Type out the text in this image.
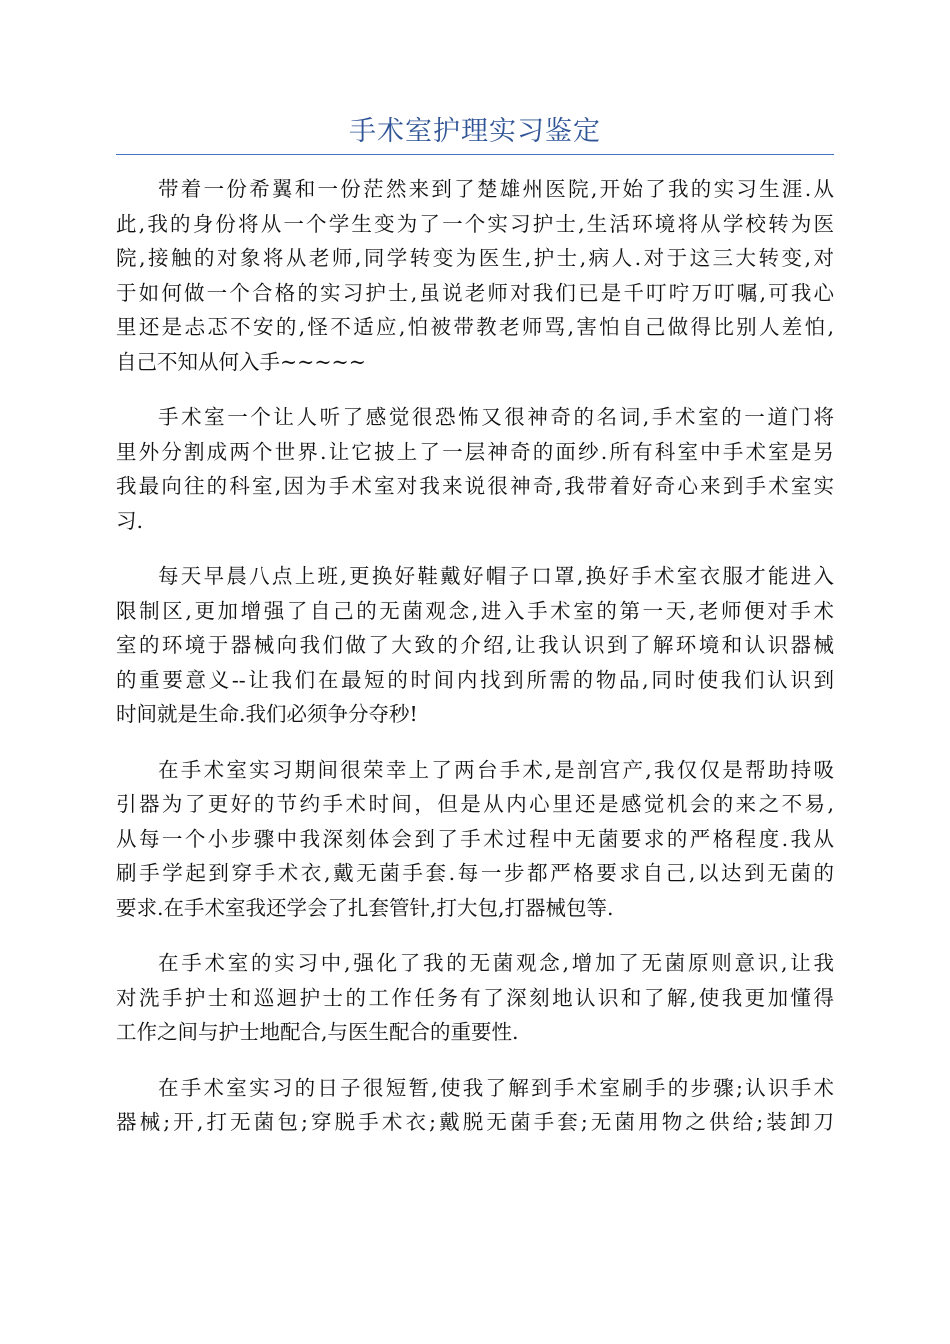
手术室护理实习鉴定
带着一份希翼和一份茫然来到了楚雄州医院,开始了我的实习生涯.从
此,我的身份将从一个学生变为了一个实习护士,生活环境将从学校转为医
院,接触的对象将从老师,同学转变为医生,护士,病人.对于这三大转变,对
于如何做一个合格的实习护士,虽说老师对我们已是千叮咛万叮嘱,可我心
里还是忐忑不安的,怪不适应,怕被带教老师骂,害怕自己做得比别人差怕,
自己不知从何入手~~~~~
手术室一个让人听了感觉很恐怖又很神奇的名词,手术室的一道门将
里外分割成两个世界.让它披上了一层神奇的面纱.所有科室中手术室是另
我最向往的科室,因为手术室对我来说很神奇,我带着好奇心来到手术室实
习.
每天早晨八点上班,更换好鞋戴好帽子口罩,换好手术室衣服才能进入
限制区,更加增强了自己的无菌观念,进入手术室的第一天,老师便对手术
室的环境于器械向我们做了大致的介绍,让我认识到了解环境和认识器械
的重要意义--让我们在最短的时间内找到所需的物品,同时使我们认识到
时间就是生命.我们必须争分夺秒!
在手术室实习期间很荣幸上了两台手术,是剖宫产,我仅仅是帮助持吸
引器为了更好的节约手术时间，但是从内心里还是感觉机会的来之不易,
从每一个小步骤中我深刻体会到了手术过程中无菌要求的严格程度.我从
刷手学起到穿手术衣,戴无菌手套.每一步都严格要求自己,以达到无菌的
要求.在手术室我还学会了扎套管针,打大包,打器械包等.
在手术室的实习中,强化了我的无菌观念,增加了无菌原则意识,让我
对洗手护士和巡迴护士的工作任务有了深刻地认识和了解,使我更加懂得
工作之间与护士地配合,与医生配合的重要性.
在手术室实习的日子很短暂,使我了解到手术室刷手的步骤;认识手术
器械;开,打无菌包;穿脱手术衣;戴脱无菌手套;无菌用物之供给;装卸刀
